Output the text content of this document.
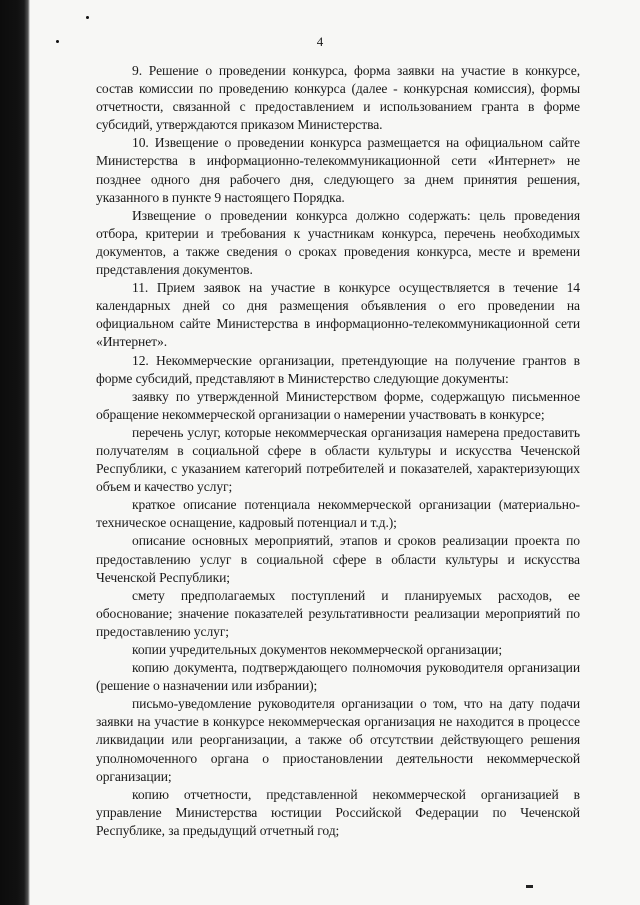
4

9. Решение о проведении конкурса, форма заявки на участие в конкурсе, состав комиссии по проведению конкурса (далее - конкурсная комиссия), формы отчетности, связанной с предоставлением и использованием гранта в форме субсидий, утверждаются приказом Министерства.

10. Извещение о проведении конкурса размещается на официальном сайте Министерства в информационно-телекоммуникационной сети «Интернет» не позднее одного дня рабочего дня, следующего за днем принятия решения, указанного в пункте 9 настоящего Порядка.

Извещение о проведении конкурса должно содержать: цель проведения отбора, критерии и требования к участникам конкурса, перечень необходимых документов, а также сведения о сроках проведения конкурса, месте и времени представления документов.

11. Прием заявок на участие в конкурсе осуществляется в течение 14 календарных дней со дня размещения объявления о его проведении на официальном сайте Министерства в информационно-телекоммуникационной сети «Интернет».

12. Некоммерческие организации, претендующие на получение грантов в форме субсидий, представляют в Министерство следующие документы:

заявку по утвержденной Министерством форме, содержащую письменное обращение некоммерческой организации о намерении участвовать в конкурсе;

перечень услуг, которые некоммерческая организация намерена предоставить получателям в социальной сфере в области культуры и искусства Чеченской Республики, с указанием категорий потребителей и показателей, характеризующих объем и качество услуг;

краткое описание потенциала некоммерческой организации (материально-техническое оснащение, кадровый потенциал и т.д.);

описание основных мероприятий, этапов и сроков реализации проекта по предоставлению услуг в социальной сфере в области культуры и искусства Чеченской Республики;

смету предполагаемых поступлений и планируемых расходов, ее обоснование; значение показателей результативности реализации мероприятий по предоставлению услуг;

копии учредительных документов некоммерческой организации;

копию документа, подтверждающего полномочия руководителя организации (решение о назначении или избрании);

письмо-уведомление руководителя организации о том, что на дату подачи заявки на участие в конкурсе некоммерческая организация не находится в процессе ликвидации или реорганизации, а также об отсутствии действующего решения уполномоченного органа о приостановлении деятельности некоммерческой организации;

копию отчетности, представленной некоммерческой организацией в управление Министерства юстиции Российской Федерации по Чеченской Республике, за предыдущий отчетный год;
